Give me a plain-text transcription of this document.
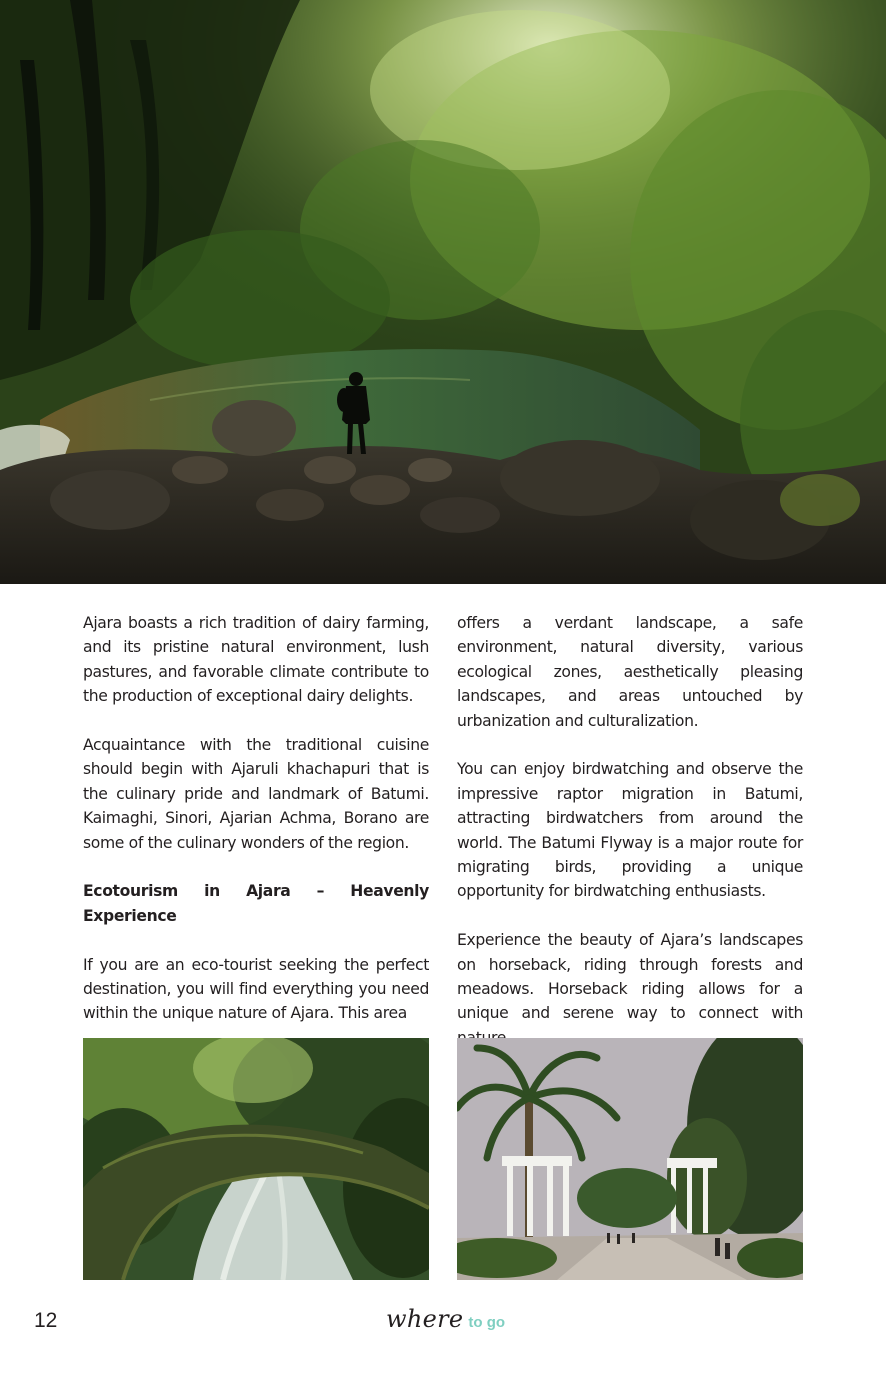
Ajara boasts a rich tradition of dairy farming, and its pristine natural environment, lush pastures, and favorable climate contribute to the production of exceptional dairy delights.

Acquaintance with the traditional cuisine should begin with Ajaruli khachapuri that is the culinary pride and landmark of Batumi. Kaimaghi, Sinori, Ajarian Achma, Borano are some of the culinary wonders of the region.

Ecotourism in Ajara – Heavenly Experience

If you are an eco-tourist seeking the perfect destination, you will find everything you need within the unique nature of Ajara. This area

offers a verdant landscape, a safe environment, natural diversity, various ecological zones, aesthetically pleasing landscapes, and areas untouched by urbanization and culturalization.

You can enjoy birdwatching and observe the impressive raptor migration in Batumi, attracting birdwatchers from around the world. The Batumi Flyway is a major route for migrating birds, providing a unique opportunity for birdwatching enthusiasts.

Experience the beauty of Ajara’s landscapes on horseback, riding through forests and meadows. Horseback riding allows for a unique and serene way to connect with

12	where to go
